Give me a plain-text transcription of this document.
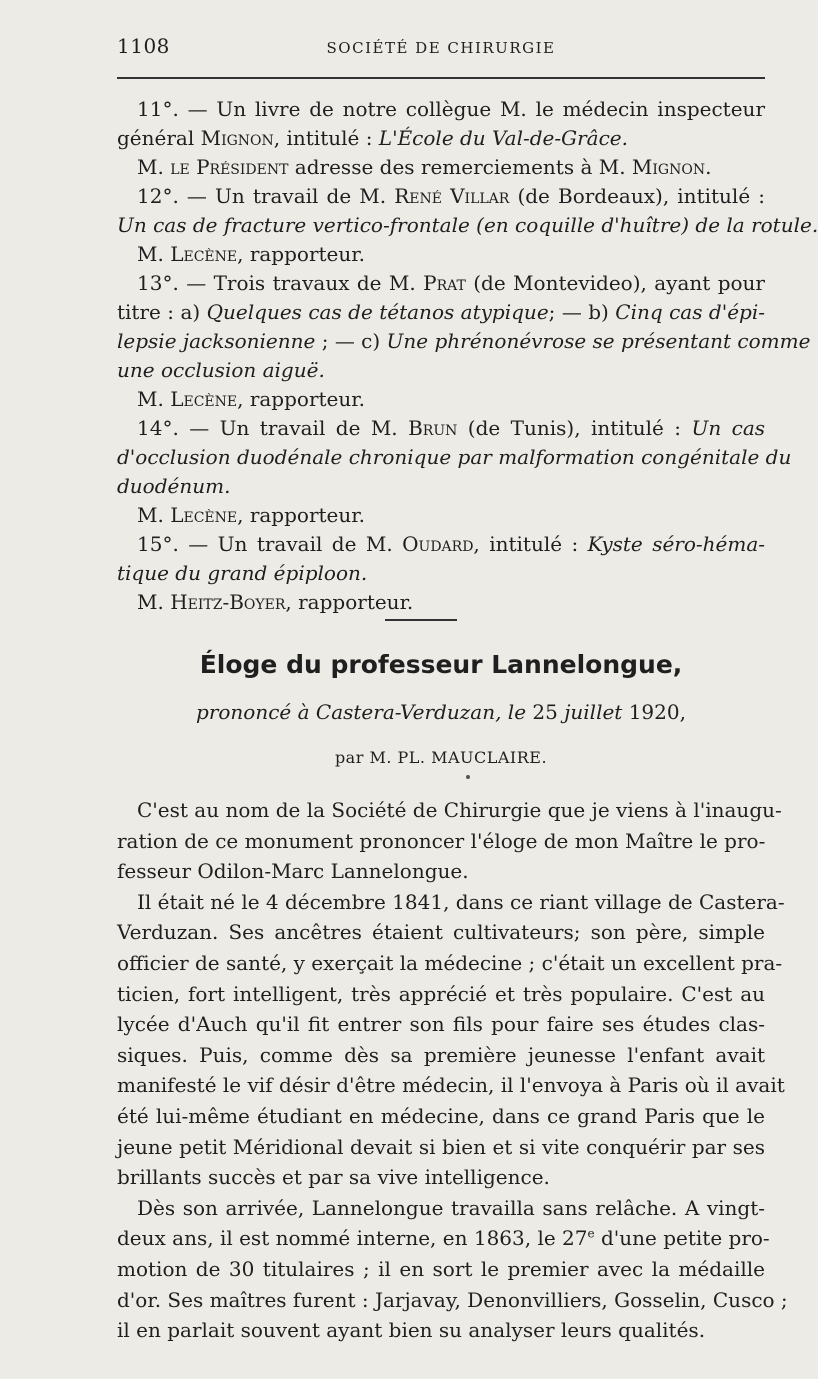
1108	SOCIÉTÉ DE CHIRURGIE
11°. — Un livre de notre collègue M. le médecin inspecteur
général Mignon, intitulé : L'École du Val-de-Grâce.
M. le Président adresse des remerciements à M. Mignon.
12°. — Un travail de M. René Villar (de Bordeaux), intitulé :
Un cas de fracture vertico-frontale (en coquille d'huître) de la rotule.
M. Lecène, rapporteur.
13°. — Trois travaux de M. Prat (de Montevideo), ayant pour
titre : a) Quelques cas de tétanos atypique; — b) Cinq cas d'épi-
lepsie jacksonienne ; — c) Une phrénonévrose se présentant comme
une occlusion aiguë.
M. Lecène, rapporteur.
14°. — Un travail de M. Brun (de Tunis), intitulé : Un cas
d'occlusion duodénale chronique par malformation congénitale du
duodénum.
M. Lecène, rapporteur.
15°. — Un travail de M. Oudard, intitulé : Kyste séro-héma-
tique du grand épiploon.
M. Heitz-Boyer, rapporteur.
Éloge du professeur Lannelongue,
prononcé à Castera-Verduzan, le 25 juillet 1920,
par M. PL. MAUCLAIRE.
C'est au nom de la Société de Chirurgie que je viens à l'inaugu-
ration de ce monument prononcer l'éloge de mon Maître le pro-
fesseur Odilon-Marc Lannelongue.
Il était né le 4 décembre 1841, dans ce riant village de Castera-
Verduzan. Ses ancêtres étaient cultivateurs; son père, simple
officier de santé, y exerçait la médecine ; c'était un excellent pra-
ticien, fort intelligent, très apprécié et très populaire. C'est au
lycée d'Auch qu'il fit entrer son fils pour faire ses études clas-
siques. Puis, comme dès sa première jeunesse l'enfant avait
manifesté le vif désir d'être médecin, il l'envoya à Paris où il avait
été lui-même étudiant en médecine, dans ce grand Paris que le
jeune petit Méridional devait si bien et si vite conquérir par ses
brillants succès et par sa vive intelligence.
Dès son arrivée, Lannelongue travailla sans relâche. A vingt-
deux ans, il est nommé interne, en 1863, le 27e d'une petite pro-
motion de 30 titulaires ; il en sort le premier avec la médaille
d'or. Ses maîtres furent : Jarjavay, Denonvilliers, Gosselin, Cusco ;
il en parlait souvent ayant bien su analyser leurs qualités.
